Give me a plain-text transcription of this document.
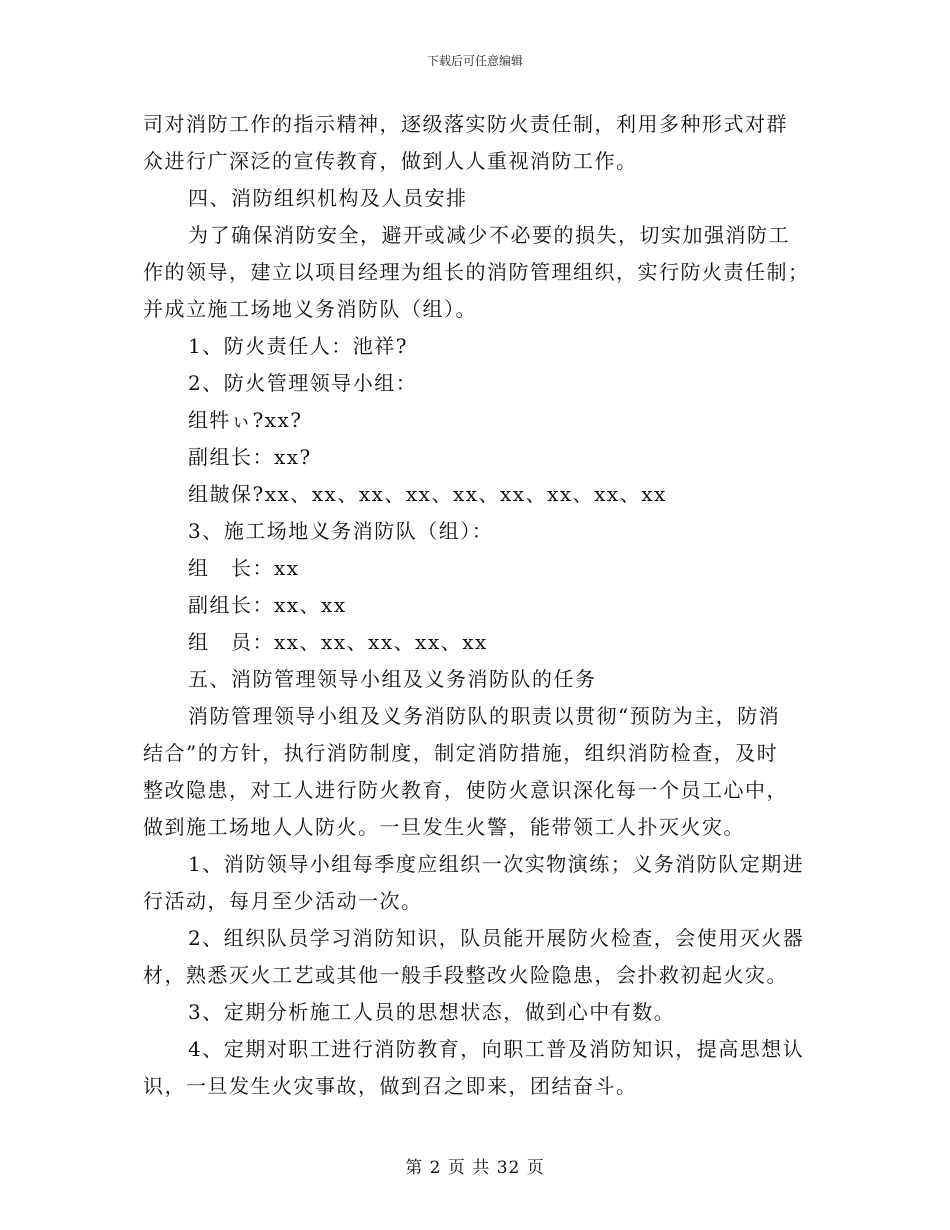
下载后可任意编辑
司对消防工作的指示精神，逐级落实防火责任制，利用多种形式对群
众进行广深泛的宣传教育，做到人人重视消防工作。
四、消防组织机构及人员安排
为了确保消防安全，避开或减少不必要的损失，切实加强消防工
作的领导，建立以项目经理为组长的消防管理组织，实行防火责任制；
并成立施工场地义务消防队（组）。
1、防火责任人：池祥?
2、防火管理领导小组：
组牪ぃ?xx?
副组长：xx?
组皵保?xx、xx、xx、xx、xx、xx、xx、xx、xx
3、施工场地义务消防队（组）：
组　长：xx
副组长：xx、xx
组　员：xx、xx、xx、xx、xx
五、消防管理领导小组及义务消防队的任务
消防管理领导小组及义务消防队的职责以贯彻“预防为主，防消
结合”的方针，执行消防制度，制定消防措施，组织消防检查，及时
整改隐患，对工人进行防火教育，使防火意识深化每一个员工心中，
做到施工场地人人防火。一旦发生火警，能带领工人扑灭火灾。
1、消防领导小组每季度应组织一次实物演练；义务消防队定期进
行活动，每月至少活动一次。
2、组织队员学习消防知识，队员能开展防火检查，会使用灭火器
材，熟悉灭火工艺或其他一般手段整改火险隐患，会扑救初起火灾。
3、定期分析施工人员的思想状态，做到心中有数。
4、定期对职工进行消防教育，向职工普及消防知识，提高思想认
识，一旦发生火灾事故，做到召之即来，团结奋斗。
第 2 页 共 32 页
